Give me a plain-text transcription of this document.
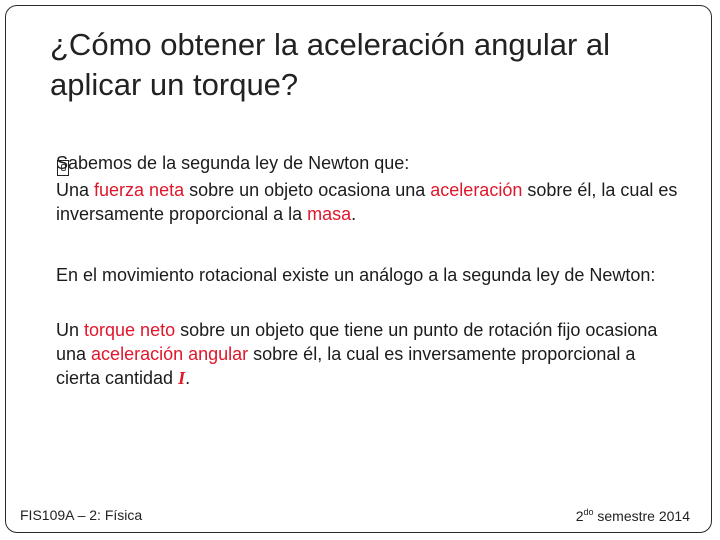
¿Cómo obtener la aceleración angular al aplicar un torque?
Sabemos de la segunda ley de Newton que:
Una fuerza neta sobre un objeto ocasiona una aceleración sobre él, la cual es inversamente proporcional a la masa.
En el movimiento rotacional existe un análogo a la segunda ley de Newton:
Un torque neto sobre un objeto que tiene un punto de rotación fijo ocasiona una aceleración angular sobre él, la cual es inversamente proporcional a cierta cantidad I.
FIS109A – 2: Física	$2^{do}$ semestre 2014
